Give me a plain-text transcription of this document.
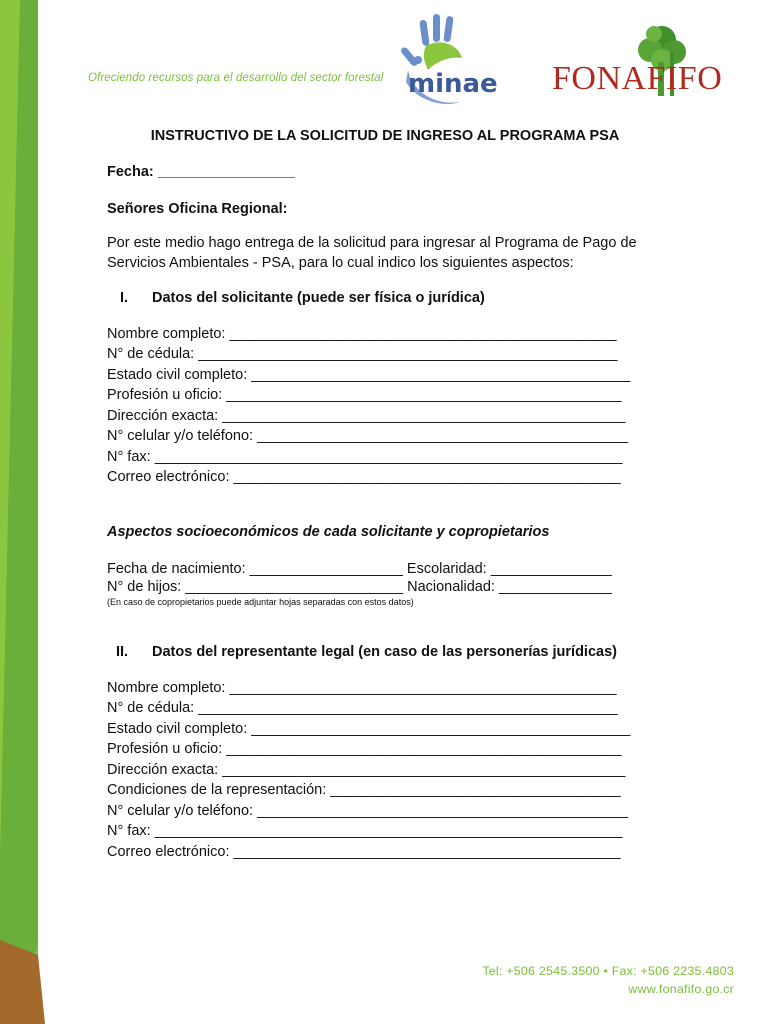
Ofreciendo recursos para el desarrollo del sector forestal minae FONAFIFO
INSTRUCTIVO DE LA SOLICITUD DE INGRESO AL PROGRAMA PSA
Fecha: _________________
Señores Oficina Regional:
Por este medio hago entrega de la solicitud para ingresar al Programa de Pago de
Servicios Ambientales - PSA, para lo cual indico los siguientes aspectos:
I. Datos del solicitante (puede ser física o jurídica)
Nombre completo: ________________________________________________
N° de cédula: ____________________________________________________
Estado civil completo: _______________________________________________
Profesión u oficio: _________________________________________________
Dirección exacta: __________________________________________________
N° celular y/o teléfono: ______________________________________________
N° fax: __________________________________________________________
Correo electrónico: ________________________________________________
Aspectos socioeconómicos de cada solicitante y copropietarios
Fecha de nacimiento: ___________________ Escolaridad: _______________
N° de hijos: ___________________________ Nacionalidad: ______________
(En caso de copropietarios puede adjuntar hojas separadas con estos datos)
II. Datos del representante legal (en caso de las personerías jurídicas)
Nombre completo: ________________________________________________
N° de cédula: ____________________________________________________
Estado civil completo: _______________________________________________
Profesión u oficio: _________________________________________________
Dirección exacta: __________________________________________________
Condiciones de la representación: ____________________________________
N° celular y/o teléfono: ______________________________________________
N° fax: __________________________________________________________
Correo electrónico: ________________________________________________
Tel: +506 2545.3500 • Fax: +506 2235.4803
www.fonafifo.go.cr
